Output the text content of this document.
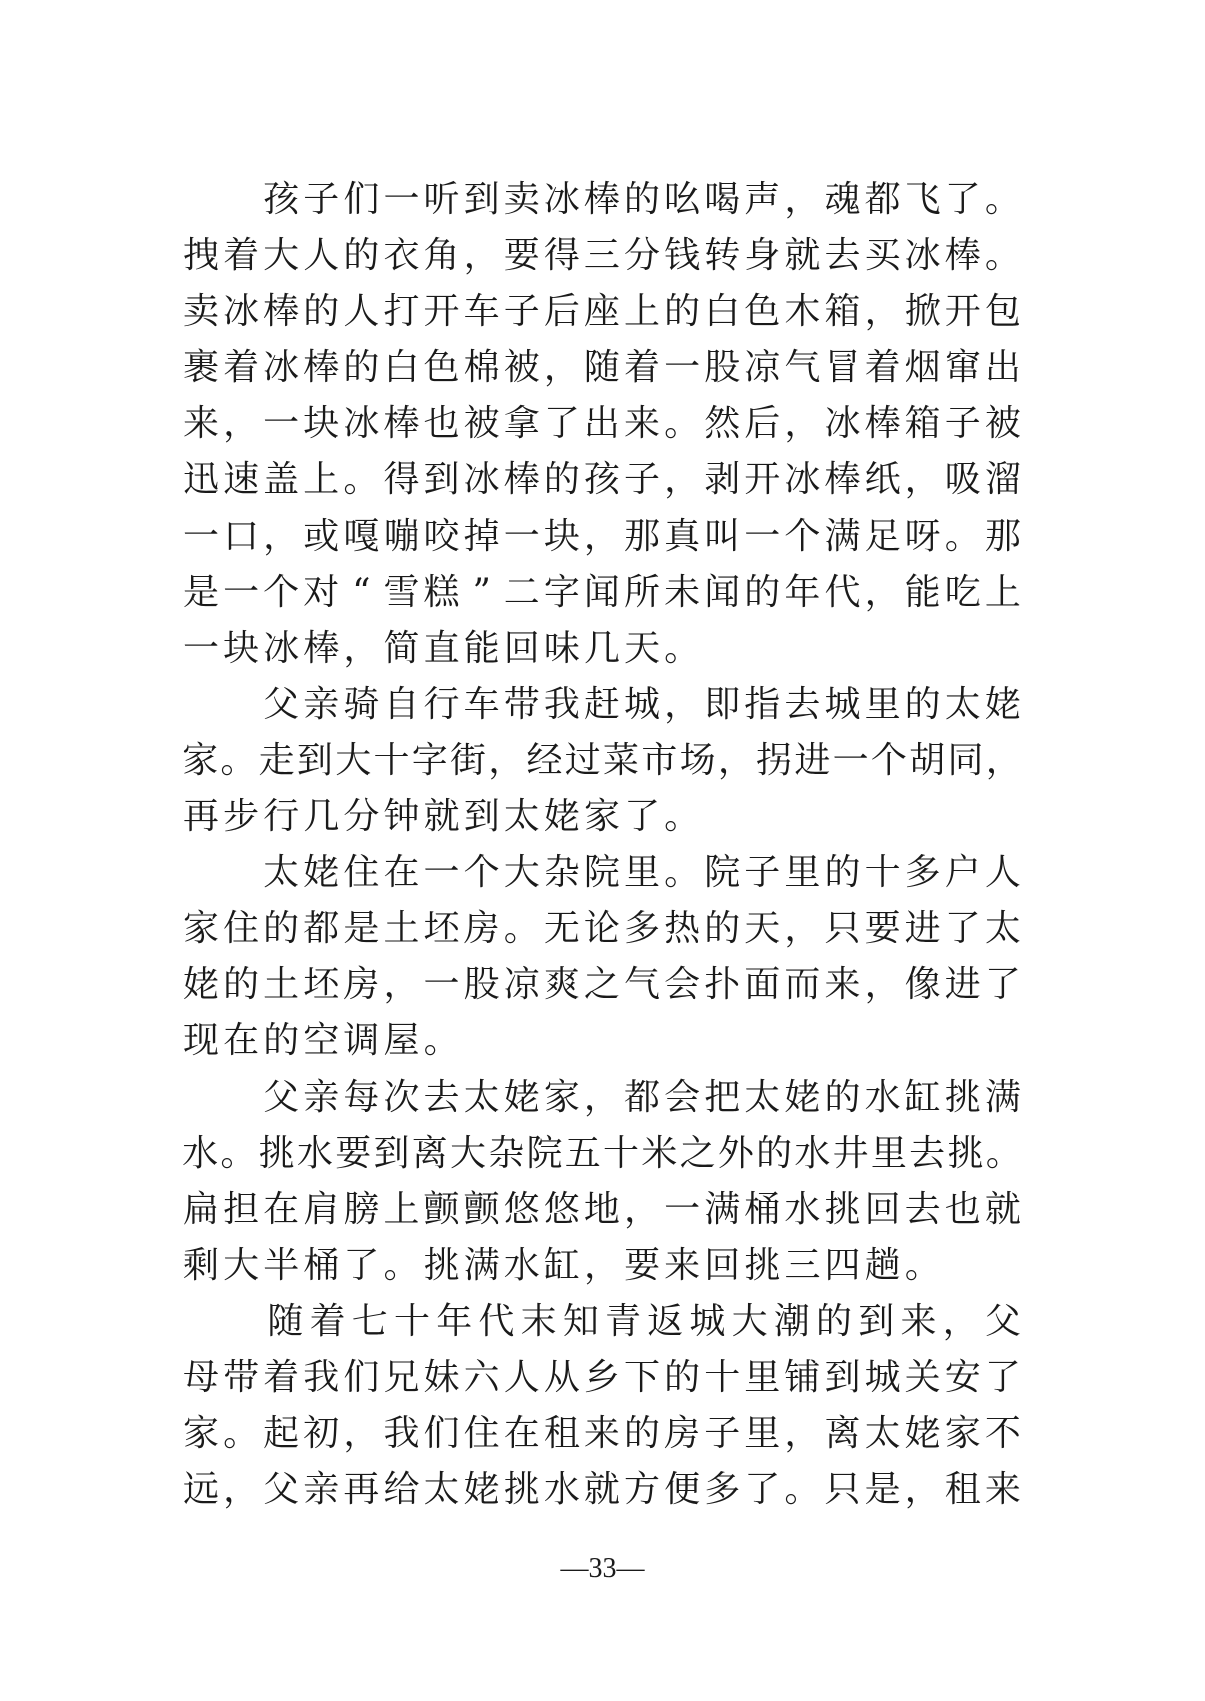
孩 子 们 一 听 到 卖 冰 棒 的 吆 喝 声 ， 魂 都 飞 了 。
拽 着 大 人 的 衣 角 ， 要 得 三 分 钱 转 身 就 去 买 冰 棒 。
卖 冰 棒 的 人 打 开 车 子 后 座 上 的 白 色 木 箱 ， 掀 开 包
裹 着 冰 棒 的 白 色 棉 被 ， 随 着 一 股 凉 气 冒 着 烟 窜 出
来 ， 一 块 冰 棒 也 被 拿 了 出 来 。 然 后 ， 冰 棒 箱 子 被
迅 速 盖 上 。 得 到 冰 棒 的 孩 子 ， 剥 开 冰 棒 纸 ， 吸 溜
一 口 ， 或 嘎 嘣 咬 掉 一 块 ， 那 真 叫 一 个 满 足 呀 。 那
是 一 个 对 “ 雪 糕 ” 二 字 闻 所 未 闻 的 年 代 ， 能 吃 上
一 块 冰 棒 ， 简 直 能 回 味 几 天 。

父 亲 骑 自 行 车 带 我 赶 城 ， 即 指 去 城 里 的 太 姥
家 。 走 到 大 十 字 街 ， 经 过 菜 市 场 ， 拐 进 一 个 胡 同 ，
再 步 行 几 分 钟 就 到 太 姥 家 了 。

太 姥 住 在 一 个 大 杂 院 里 。 院 子 里 的 十 多 户 人
家 住 的 都 是 土 坯 房 。 无 论 多 热 的 天 ， 只 要 进 了 太
姥 的 土 坯 房 ， 一 股 凉 爽 之 气 会 扑 面 而 来 ， 像 进 了
现 在 的 空 调 屋 。

父 亲 每 次 去 太 姥 家 ， 都 会 把 太 姥 的 水 缸 挑 满
水 。 挑 水 要 到 离 大 杂 院 五 十 米 之 外 的 水 井 里 去 挑 。
扁 担 在 肩 膀 上 颤 颤 悠 悠 地 ， 一 满 桶 水 挑 回 去 也 就
剩 大 半 桶 了 。 挑 满 水 缸 ， 要 来 回 挑 三 四 趟 。

随 着 七 十 年 代 末 知 青 返 城 大 潮 的 到 来 ， 父
母 带 着 我 们 兄 妹 六 人 从 乡 下 的 十 里 铺 到 城 关 安 了
家 。 起 初 ， 我 们 住 在 租 来 的 房 子 里 ， 离 太 姥 家 不
远 ， 父 亲 再 给 太 姥 挑 水 就 方 便 多 了 。 只 是 ， 租 来
—33—
